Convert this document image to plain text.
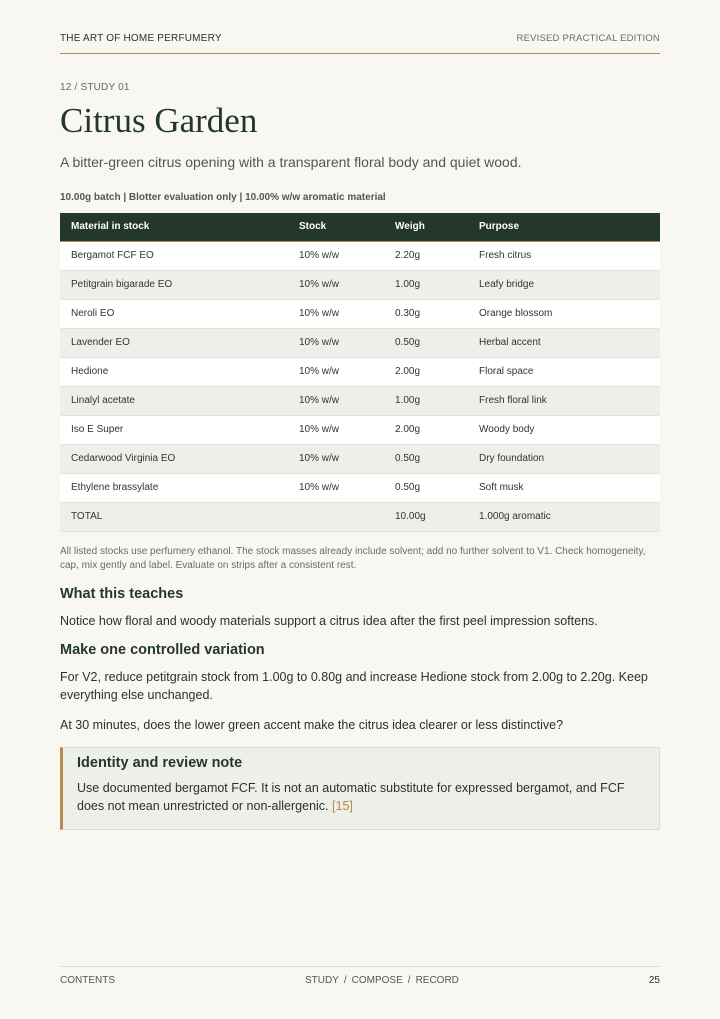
THE ART OF HOME PERFUMERY	REVISED PRACTICAL EDITION
12 / STUDY 01
Citrus Garden
A bitter-green citrus opening with a transparent floral body and quiet wood.
10.00g batch | Blotter evaluation only | 10.00% w/w aromatic material
Material in stock	Stock	Weigh	Purpose
Bergamot FCF EO	10% w/w	2.20g	Fresh citrus
Petitgrain bigarade EO	10% w/w	1.00g	Leafy bridge
Neroli EO	10% w/w	0.30g	Orange blossom
Lavender EO	10% w/w	0.50g	Herbal accent
Hedione	10% w/w	2.00g	Floral space
Linalyl acetate	10% w/w	1.00g	Fresh floral link
Iso E Super	10% w/w	2.00g	Woody body
Cedarwood Virginia EO	10% w/w	0.50g	Dry foundation
Ethylene brassylate	10% w/w	0.50g	Soft musk
TOTAL		10.00g	1.000g aromatic
All listed stocks use perfumery ethanol. The stock masses already include solvent; add no further solvent to V1. Check homogeneity, cap, mix gently and label. Evaluate on strips after a consistent rest.
What this teaches

Notice how floral and woody materials support a citrus idea after the first peel impression softens.

Make one controlled variation

For V2, reduce petitgrain stock from 1.00g to 0.80g and increase Hedione stock from 2.00g to 2.20g. Keep everything else unchanged.

At 30 minutes, does the lower green accent make the citrus idea clearer or less distinctive?

Identity and review note

Use documented bergamot FCF. It is not an automatic substitute for expressed bergamot, and FCF does not mean unrestricted or non-allergenic. [15]

CONTENTS	STUDY / COMPOSE / RECORD	25
